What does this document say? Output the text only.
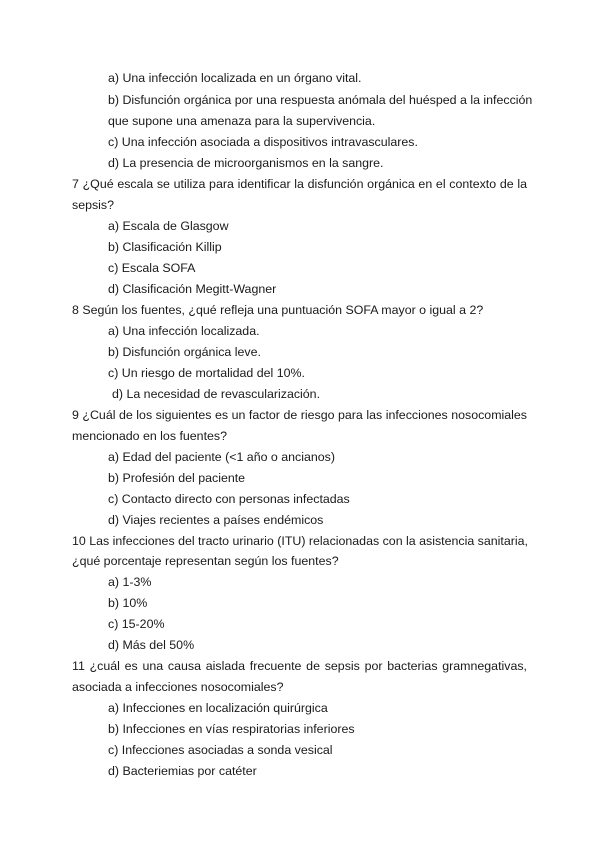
a) Una infección localizada en un órgano vital.
b) Disfunción orgánica por una respuesta anómala del huésped a la infección
que supone una amenaza para la supervivencia.
c) Una infección asociada a dispositivos intravasculares.
d) La presencia de microorganismos en la sangre.
7 ¿Qué escala se utiliza para identificar la disfunción orgánica en el contexto de la
sepsis?
a) Escala de Glasgow
b) Clasificación Killip
c) Escala SOFA
d) Clasificación Megitt-Wagner
8 Según los fuentes, ¿qué refleja una puntuación SOFA mayor o igual a 2?
a) Una infección localizada.
b) Disfunción orgánica leve.
c) Un riesgo de mortalidad del 10%.
d) La necesidad de revascularización.
9 ¿Cuál de los siguientes es un factor de riesgo para las infecciones nosocomiales
mencionado en los fuentes?
a) Edad del paciente (<1 año o ancianos)
b) Profesión del paciente
c) Contacto directo con personas infectadas
d) Viajes recientes a países endémicos
10 Las infecciones del tracto urinario (ITU) relacionadas con la asistencia sanitaria,
¿qué porcentaje representan según los fuentes?
a) 1-3%
b) 10%
c) 15-20%
d) Más del 50%
11 ¿cuál es una causa aislada frecuente de sepsis por bacterias gramnegativas,
asociada a infecciones nosocomiales?
a) Infecciones en localización quirúrgica
b) Infecciones en vías respiratorias inferiores
c) Infecciones asociadas a sonda vesical
d) Bacteriemias por catéter
